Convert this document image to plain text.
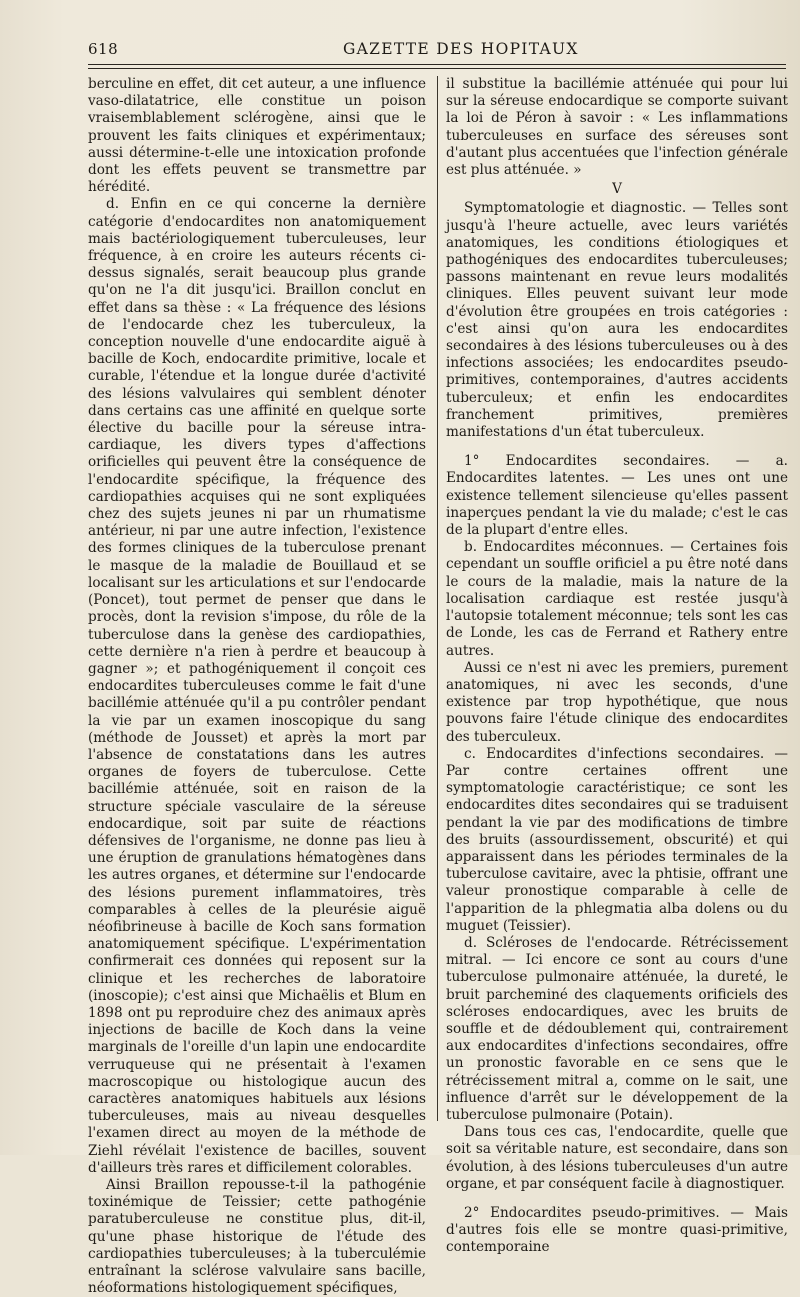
618	GAZETTE DES HOPITAUX

berculine en effet, dit cet auteur, a une influence vaso-dilatatrice, elle constitue un poison vraisemblablement sclérogène, ainsi que le prouvent les faits cliniques et expérimentaux; aussi détermine-t-elle une intoxication profonde dont les effets peuvent se transmettre par hérédité.

d. Enfin en ce qui concerne la dernière catégorie d'endocardites non anatomiquement mais bactériologiquement tuberculeuses, leur fréquence, à en croire les auteurs récents ci-dessus signalés, serait beaucoup plus grande qu'on ne l'a dit jusqu'ici. Braillon conclut en effet dans sa thèse : « La fréquence des lésions de l'endocarde chez les tuberculeux, la conception nouvelle d'une endocardite aiguë à bacille de Koch, endocardite primitive, locale et curable, l'étendue et la longue durée d'activité des lésions valvulaires qui semblent dénoter dans certains cas une affinité en quelque sorte élective du bacille pour la séreuse intra-cardiaque, les divers types d'affections orificielles qui peuvent être la conséquence de l'endocardite spécifique, la fréquence des cardiopathies acquises qui ne sont expliquées chez des sujets jeunes ni par un rhumatisme antérieur, ni par une autre infection, l'existence des formes cliniques de la tuberculose prenant le masque de la maladie de Bouillaud et se localisant sur les articulations et sur l'endocarde (Poncet), tout permet de penser que dans le procès, dont la revision s'impose, du rôle de la tuberculose dans la genèse des cardiopathies, cette dernière n'a rien à perdre et beaucoup à gagner »; et pathogéniquement il conçoit ces endocardites tuberculeuses comme le fait d'une bacillémie atténuée qu'il a pu contrôler pendant la vie par un examen inoscopique du sang (méthode de Jousset) et après la mort par l'absence de constatations dans les autres organes de foyers de tuberculose. Cette bacillémie atténuée, soit en raison de la structure spéciale vasculaire de la séreuse endocardique, soit par suite de réactions défensives de l'organisme, ne donne pas lieu à une éruption de granulations hématogènes dans les autres organes, et détermine sur l'endocarde des lésions purement inflammatoires, très comparables à celles de la pleurésie aiguë néofibrineuse à bacille de Koch sans formation anatomiquement spécifique. L'expérimentation confirmerait ces données qui reposent sur la clinique et les recherches de laboratoire (inoscopie); c'est ainsi que Michaëlis et Blum en 1898 ont pu reproduire chez des animaux après injections de bacille de Koch dans la veine marginals de l'oreille d'un lapin une endocardite verruqueuse qui ne présentait à l'examen macroscopique ou histologique aucun des caractères anatomiques habituels aux lésions tuberculeuses, mais au niveau desquelles l'examen direct au moyen de la méthode de Ziehl révélait l'existence de bacilles, souvent d'ailleurs très rares et difficilement colorables.

Ainsi Braillon repousse-t-il la pathogénie toxinémique de Teissier; cette pathogénie paratuberculeuse ne constitue plus, dit-il, qu'une phase historique de l'étude des cardiopathies tuberculeuses; à la tuberculémie entraînant la sclérose valvulaire sans bacille, néoformations histologiquement spécifiques,

il substitue la bacillémie atténuée qui pour lui sur la séreuse endocardique se comporte suivant la loi de Péron à savoir : « Les inflammations tuberculeuses en surface des séreuses sont d'autant plus accentuées que l'infection générale est plus atténuée. »

V

Symptomatologie et diagnostic. — Telles sont jusqu'à l'heure actuelle, avec leurs variétés anatomiques, les conditions étiologiques et pathogéniques des endocardites tuberculeuses; passons maintenant en revue leurs modalités cliniques. Elles peuvent suivant leur mode d'évolution être groupées en trois catégories : c'est ainsi qu'on aura les endocardites secondaires à des lésions tuberculeuses ou à des infections associées; les endocardites pseudo-primitives, contemporaines, d'autres accidents tuberculeux; et enfin les endocardites franchement primitives, premières manifestations d'un état tuberculeux.

1° Endocardites secondaires. — a. Endocardites latentes. — Les unes ont une existence tellement silencieuse qu'elles passent inaperçues pendant la vie du malade; c'est le cas de la plupart d'entre elles.

b. Endocardites méconnues. — Certaines fois cependant un souffle orificiel a pu être noté dans le cours de la maladie, mais la nature de la localisation cardiaque est restée jusqu'à l'autopsie totalement méconnue; tels sont les cas de Londe, les cas de Ferrand et Rathery entre autres.

Aussi ce n'est ni avec les premiers, purement anatomiques, ni avec les seconds, d'une existence par trop hypothétique, que nous pouvons faire l'étude clinique des endocardites des tuberculeux.

c. Endocardites d'infections secondaires. — Par contre certaines offrent une symptomatologie caractéristique; ce sont les endocardites dites secondaires qui se traduisent pendant la vie par des modifications de timbre des bruits (assourdissement, obscurité) et qui apparaissent dans les périodes terminales de la tuberculose cavitaire, avec la phtisie, offrant une valeur pronostique comparable à celle de l'apparition de la phlegmatia alba dolens ou du muguet (Teissier).

d. Scléroses de l'endocarde. Rétrécissement mitral. — Ici encore ce sont au cours d'une tuberculose pulmonaire atténuée, la dureté, le bruit parcheminé des claquements orificiels des scléroses endocardiques, avec les bruits de souffle et de dédoublement qui, contrairement aux endocardites d'infections secondaires, offre un pronostic favorable en ce sens que le rétrécissement mitral a, comme on le sait, une influence d'arrêt sur le développement de la tuberculose pulmonaire (Potain).

Dans tous ces cas, l'endocardite, quelle que soit sa véritable nature, est secondaire, dans son évolution, à des lésions tuberculeuses d'un autre organe, et par conséquent facile à diagnostiquer.

2° Endocardites pseudo-primitives. — Mais d'autres fois elle se montre quasi-primitive, contemporaine
